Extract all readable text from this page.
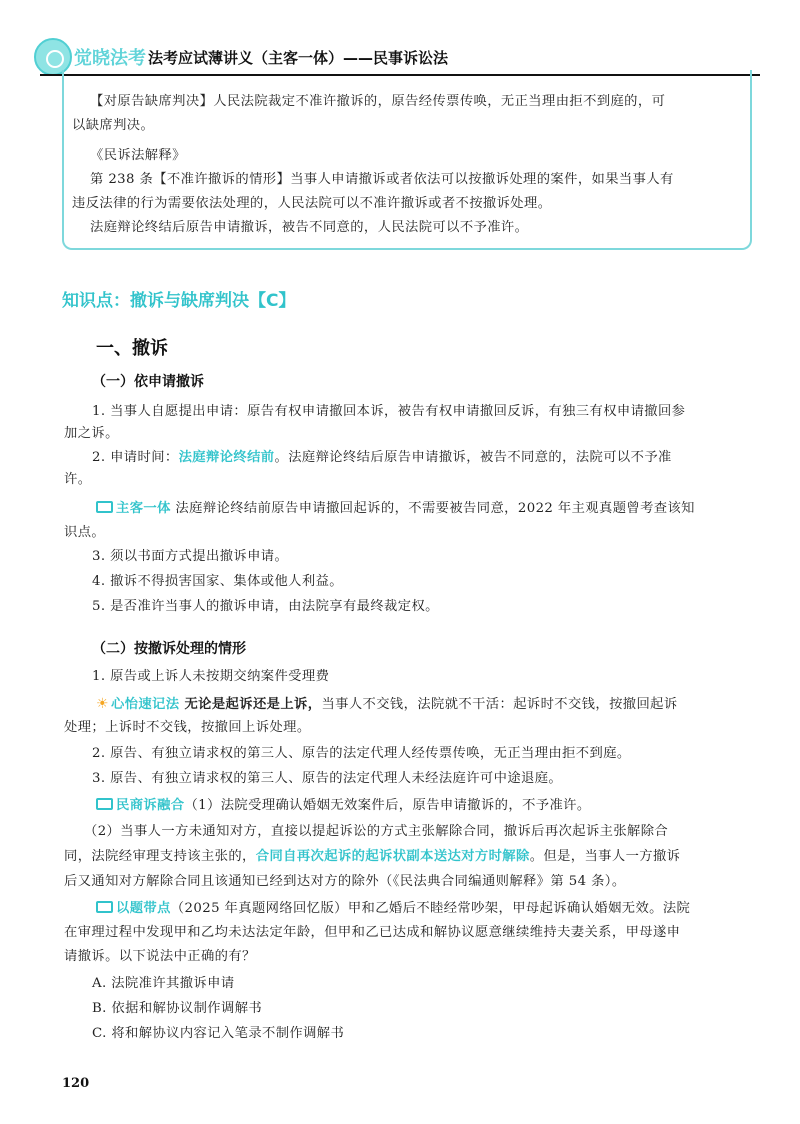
觉晓法考 法考应试薄讲义（主客一体）——民事诉讼法
【对原告缺席判决】人民法院裁定不准许撤诉的，原告经传票传唤，无正当理由拒不到庭的，可
以缺席判决。
《民诉法解释》
第 238 条【不准许撤诉的情形】当事人申请撤诉或者依法可以按撤诉处理的案件，如果当事人有
违反法律的行为需要依法处理的，人民法院可以不准许撤诉或者不按撤诉处理。
法庭辩论终结后原告申请撤诉，被告不同意的，人民法院可以不予准许。
知识点：撤诉与缺席判决【C】
一、撤诉
（一）依申请撤诉
1. 当事人自愿提出申请：原告有权申请撤回本诉，被告有权申请撤回反诉，有独三有权申请撤回参
加之诉。
2. 申请时间：法庭辩论终结前。法庭辩论终结后原告申请撤诉，被告不同意的，法院可以不予准
许。
主客一体 法庭辩论终结前原告申请撤回起诉的，不需要被告同意，2022 年主观真题曾考查该知
识点。
3. 须以书面方式提出撤诉申请。
4. 撤诉不得损害国家、集体或他人利益。
5. 是否准许当事人的撤诉申请，由法院享有最终裁定权。
（二）按撤诉处理的情形
1. 原告或上诉人未按期交纳案件受理费
☀ 心怡速记法 无论是起诉还是上诉，当事人不交钱，法院就不干活：起诉时不交钱，按撤回起诉
处理；上诉时不交钱，按撤回上诉处理。
2. 原告、有独立请求权的第三人、原告的法定代理人经传票传唤，无正当理由拒不到庭。
3. 原告、有独立请求权的第三人、原告的法定代理人未经法庭许可中途退庭。
民商诉融合（1）法院受理确认婚姻无效案件后，原告申请撤诉的，不予准许。
（2）当事人一方未通知对方，直接以提起诉讼的方式主张解除合同，撤诉后再次起诉主张解除合
同，法院经审理支持该主张的，合同自再次起诉的起诉状副本送达对方时解除。但是，当事人一方撤诉
后又通知对方解除合同且该通知已经到达对方的除外（《民法典合同编通则解释》第 54 条）。
以题带点（2025 年真题网络回忆版）甲和乙婚后不睦经常吵架，甲母起诉确认婚姻无效。法院
在审理过程中发现甲和乙均未达法定年龄，但甲和乙已达成和解协议愿意继续维持夫妻关系，甲母遂申
请撤诉。以下说法中正确的有？
A. 法院准许其撤诉申请
B. 依据和解协议制作调解书
C. 将和解协议内容记入笔录不制作调解书
120
